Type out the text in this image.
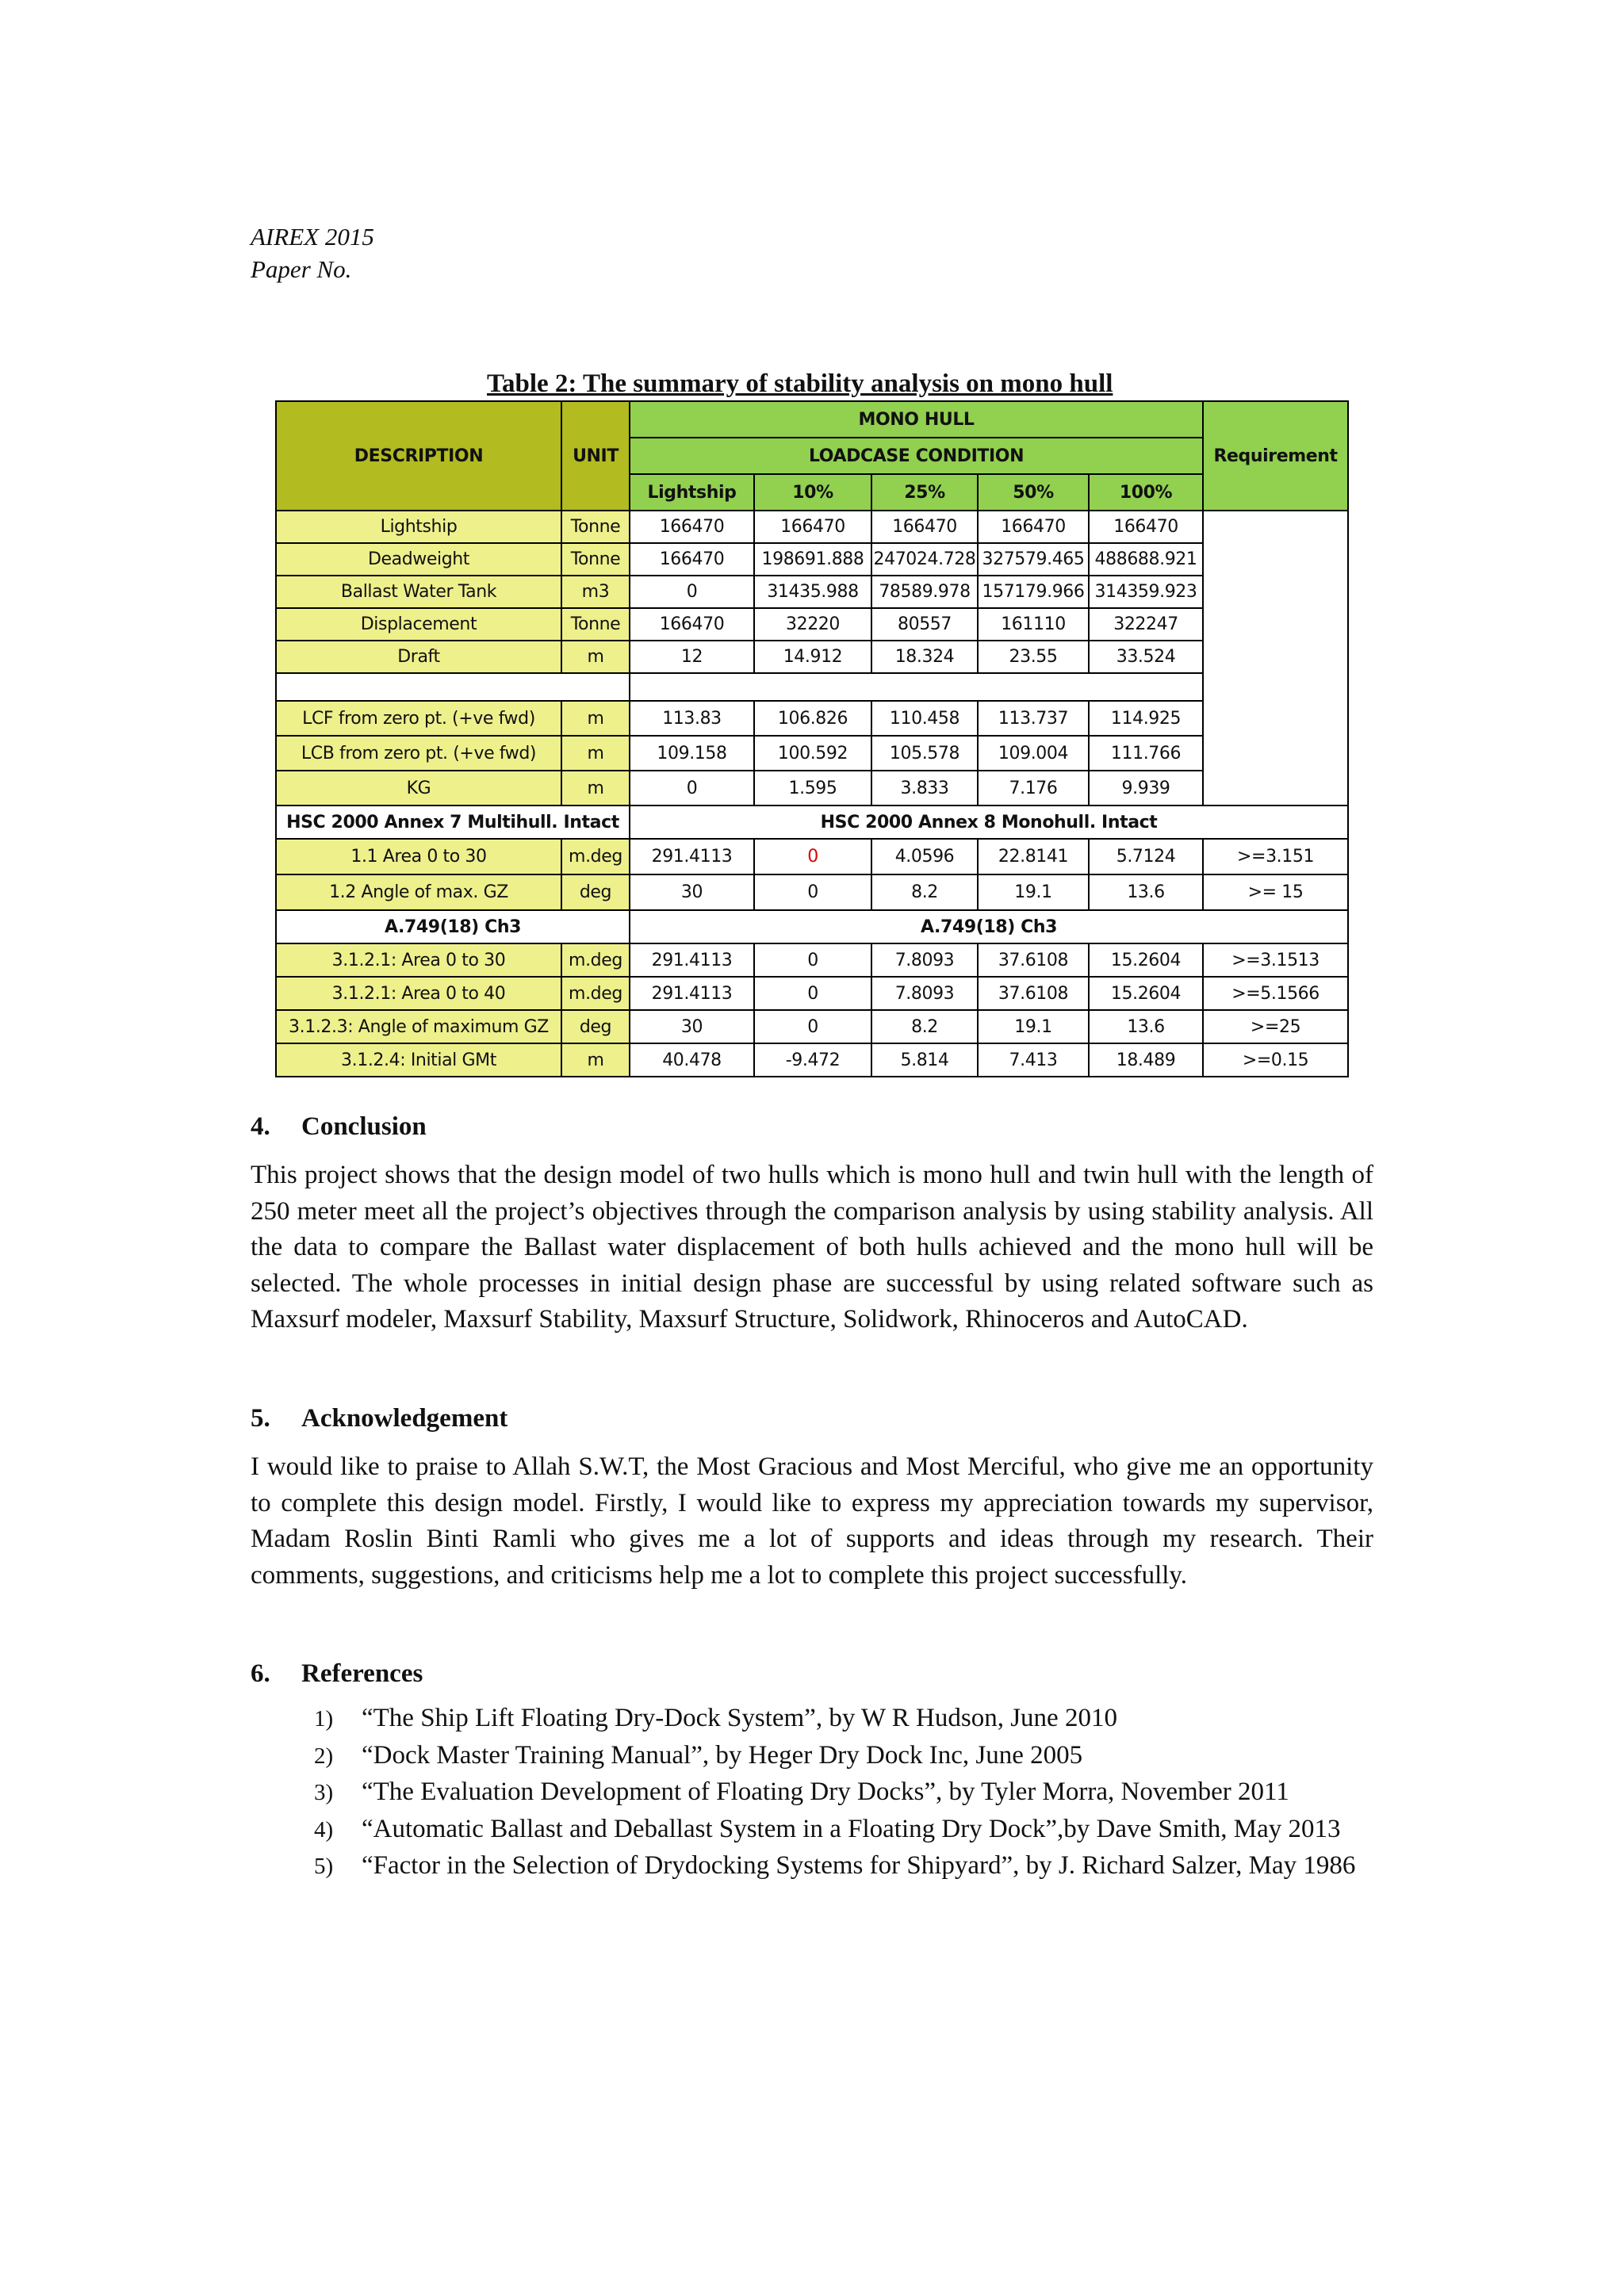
AIREX 2015
Paper No.
Table 2: The summary of stability analysis on mono hull
DESCRIPTION	UNIT	MONO HULL					Requirement
		LOADCASE CONDITION					
		Lightship	10%	25%	50%	100%	
Lightship	Tonne	166470	166470	166470	166470	166470	
Deadweight	Tonne	166470	198691.888	247024.728	327579.465	488688.921	
Ballast Water Tank	m3	0	31435.988	78589.978	157179.966	314359.923	
Displacement	Tonne	166470	32220	80557	161110	322247	
Draft	m	12	14.912	18.324	23.55	33.524	

LCF from zero pt. (+ve fwd)	m	113.83	106.826	110.458	113.737	114.925	
LCB from zero pt. (+ve fwd)	m	109.158	100.592	105.578	109.004	111.766	
KG	m	0	1.595	3.833	7.176	9.939	
HSC 2000 Annex 7 Multihull. Intact		HSC 2000 Annex 8 Monohull. Intact					
1.1 Area 0 to 30	m.deg	291.4113	0	4.0596	22.8141	5.7124	>=3.151
1.2 Angle of max. GZ	deg	30	0	8.2	19.1	13.6	>= 15
A.749(18) Ch3		A.749(18) Ch3					
3.1.2.1: Area 0 to 30	m.deg	291.4113	0	7.8093	37.6108	15.2604	>=3.1513
3.1.2.1: Area 0 to 40	m.deg	291.4113	0	7.8093	37.6108	15.2604	>=5.1566
3.1.2.3: Angle of maximum GZ	deg	30	0	8.2	19.1	13.6	>=25
3.1.2.4: Initial GMt	m	40.478	-9.472	5.814	7.413	18.489	>=0.15
4. Conclusion
This project shows that the design model of two hulls which is mono hull and twin hull with the length of 250 meter meet all the project’s objectives through the comparison analysis by using stability analysis. All the data to compare the Ballast water displacement of both hulls achieved and the mono hull will be selected. The whole processes in initial design phase are successful by using related software such as Maxsurf modeler, Maxsurf Stability, Maxsurf Structure, Solidwork, Rhinoceros and AutoCAD.
5. Acknowledgement
I would like to praise to Allah S.W.T, the Most Gracious and Most Merciful, who give me an opportunity to complete this design model. Firstly, I would like to express my appreciation towards my supervisor, Madam Roslin Binti Ramli who gives me a lot of supports and ideas through my research. Their comments, suggestions, and criticisms help me a lot to complete this project successfully.
6. References
1)	“The Ship Lift Floating Dry-Dock System”, by W R Hudson, June 2010
2)	“Dock Master Training Manual”, by Heger Dry Dock Inc, June 2005
3)	“The Evaluation Development of Floating Dry Docks”, by Tyler Morra, November 2011
4)	“Automatic Ballast and Deballast System in a Floating Dry Dock”,by Dave Smith, May 2013
5)	“Factor in the Selection of Drydocking Systems for Shipyard”, by J. Richard Salzer, May 1986
